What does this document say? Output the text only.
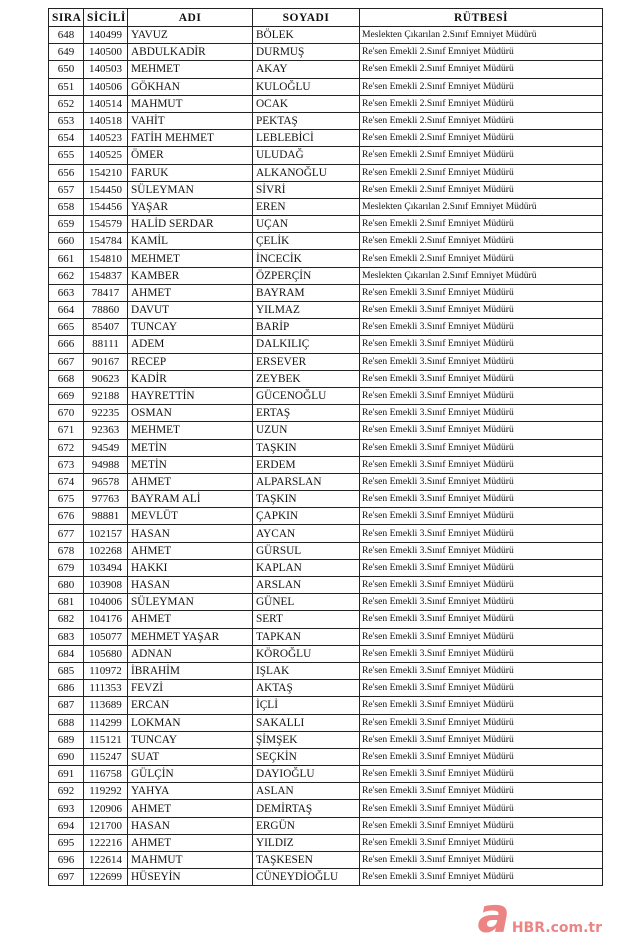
SIRA	SİCİLİ	ADI	SOYADI	RÜTBESİ
648	140499	YAVUZ	BÖLEK	Meslekten Çıkarılan 2.Sınıf Emniyet Müdürü
649	140500	ABDULKADİR	DURMUŞ	Re'sen Emekli 2.Sınıf Emniyet Müdürü
650	140503	MEHMET	AKAY	Re'sen Emekli 2.Sınıf Emniyet Müdürü
651	140506	GÖKHAN	KULOĞLU	Re'sen Emekli 2.Sınıf Emniyet Müdürü
652	140514	MAHMUT	OCAK	Re'sen Emekli 2.Sınıf Emniyet Müdürü
653	140518	VAHİT	PEKTAŞ	Re'sen Emekli 2.Sınıf Emniyet Müdürü
654	140523	FATİH MEHMET	LEBLEBİCİ	Re'sen Emekli 2.Sınıf Emniyet Müdürü
655	140525	ÖMER	ULUDAĞ	Re'sen Emekli 2.Sınıf Emniyet Müdürü
656	154210	FARUK	ALKANOĞLU	Re'sen Emekli 2.Sınıf Emniyet Müdürü
657	154450	SÜLEYMAN	SİVRİ	Re'sen Emekli 2.Sınıf Emniyet Müdürü
658	154456	YAŞAR	EREN	Meslekten Çıkarılan 2.Sınıf Emniyet Müdürü
659	154579	HALİD SERDAR	UÇAN	Re'sen Emekli 2.Sınıf Emniyet Müdürü
660	154784	KAMİL	ÇELİK	Re'sen Emekli 2.Sınıf Emniyet Müdürü
661	154810	MEHMET	İNCECİK	Re'sen Emekli 2.Sınıf Emniyet Müdürü
662	154837	KAMBER	ÖZPERÇİN	Meslekten Çıkarılan 2.Sınıf Emniyet Müdürü
663	78417	AHMET	BAYRAM	Re'sen Emekli 3.Sınıf Emniyet Müdürü
664	78860	DAVUT	YILMAZ	Re'sen Emekli 3.Sınıf Emniyet Müdürü
665	85407	TUNCAY	BARİP	Re'sen Emekli 3.Sınıf Emniyet Müdürü
666	88111	ADEM	DALKILIÇ	Re'sen Emekli 3.Sınıf Emniyet Müdürü
667	90167	RECEP	ERSEVER	Re'sen Emekli 3.Sınıf Emniyet Müdürü
668	90623	KADİR	ZEYBEK	Re'sen Emekli 3.Sınıf Emniyet Müdürü
669	92188	HAYRETTİN	GÜCENOĞLU	Re'sen Emekli 3.Sınıf Emniyet Müdürü
670	92235	OSMAN	ERTAŞ	Re'sen Emekli 3.Sınıf Emniyet Müdürü
671	92363	MEHMET	UZUN	Re'sen Emekli 3.Sınıf Emniyet Müdürü
672	94549	METİN	TAŞKIN	Re'sen Emekli 3.Sınıf Emniyet Müdürü
673	94988	METİN	ERDEM	Re'sen Emekli 3.Sınıf Emniyet Müdürü
674	96578	AHMET	ALPARSLAN	Re'sen Emekli 3.Sınıf Emniyet Müdürü
675	97763	BAYRAM ALİ	TAŞKIN	Re'sen Emekli 3.Sınıf Emniyet Müdürü
676	98881	MEVLÜT	ÇAPKIN	Re'sen Emekli 3.Sınıf Emniyet Müdürü
677	102157	HASAN	AYCAN	Re'sen Emekli 3.Sınıf Emniyet Müdürü
678	102268	AHMET	GÜRSUL	Re'sen Emekli 3.Sınıf Emniyet Müdürü
679	103494	HAKKI	KAPLAN	Re'sen Emekli 3.Sınıf Emniyet Müdürü
680	103908	HASAN	ARSLAN	Re'sen Emekli 3.Sınıf Emniyet Müdürü
681	104006	SÜLEYMAN	GÜNEL	Re'sen Emekli 3.Sınıf Emniyet Müdürü
682	104176	AHMET	SERT	Re'sen Emekli 3.Sınıf Emniyet Müdürü
683	105077	MEHMET YAŞAR	TAPKAN	Re'sen Emekli 3.Sınıf Emniyet Müdürü
684	105680	ADNAN	KÖROĞLU	Re'sen Emekli 3.Sınıf Emniyet Müdürü
685	110972	İBRAHİM	IŞLAK	Re'sen Emekli 3.Sınıf Emniyet Müdürü
686	111353	FEVZİ	AKTAŞ	Re'sen Emekli 3.Sınıf Emniyet Müdürü
687	113689	ERCAN	İÇLİ	Re'sen Emekli 3.Sınıf Emniyet Müdürü
688	114299	LOKMAN	SAKALLI	Re'sen Emekli 3.Sınıf Emniyet Müdürü
689	115121	TUNCAY	ŞİMŞEK	Re'sen Emekli 3.Sınıf Emniyet Müdürü
690	115247	SUAT	SEÇKİN	Re'sen Emekli 3.Sınıf Emniyet Müdürü
691	116758	GÜLÇİN	DAYIOĞLU	Re'sen Emekli 3.Sınıf Emniyet Müdürü
692	119292	YAHYA	ASLAN	Re'sen Emekli 3.Sınıf Emniyet Müdürü
693	120906	AHMET	DEMİRTAŞ	Re'sen Emekli 3.Sınıf Emniyet Müdürü
694	121700	HASAN	ERGÜN	Re'sen Emekli 3.Sınıf Emniyet Müdürü
695	122216	AHMET	YILDIZ	Re'sen Emekli 3.Sınıf Emniyet Müdürü
696	122614	MAHMUT	TAŞKESEN	Re'sen Emekli 3.Sınıf Emniyet Müdürü
697	122699	HÜSEYİN	CÜNEYDİOĞLU	Re'sen Emekli 3.Sınıf Emniyet Müdürü
a HBR.com.tr
